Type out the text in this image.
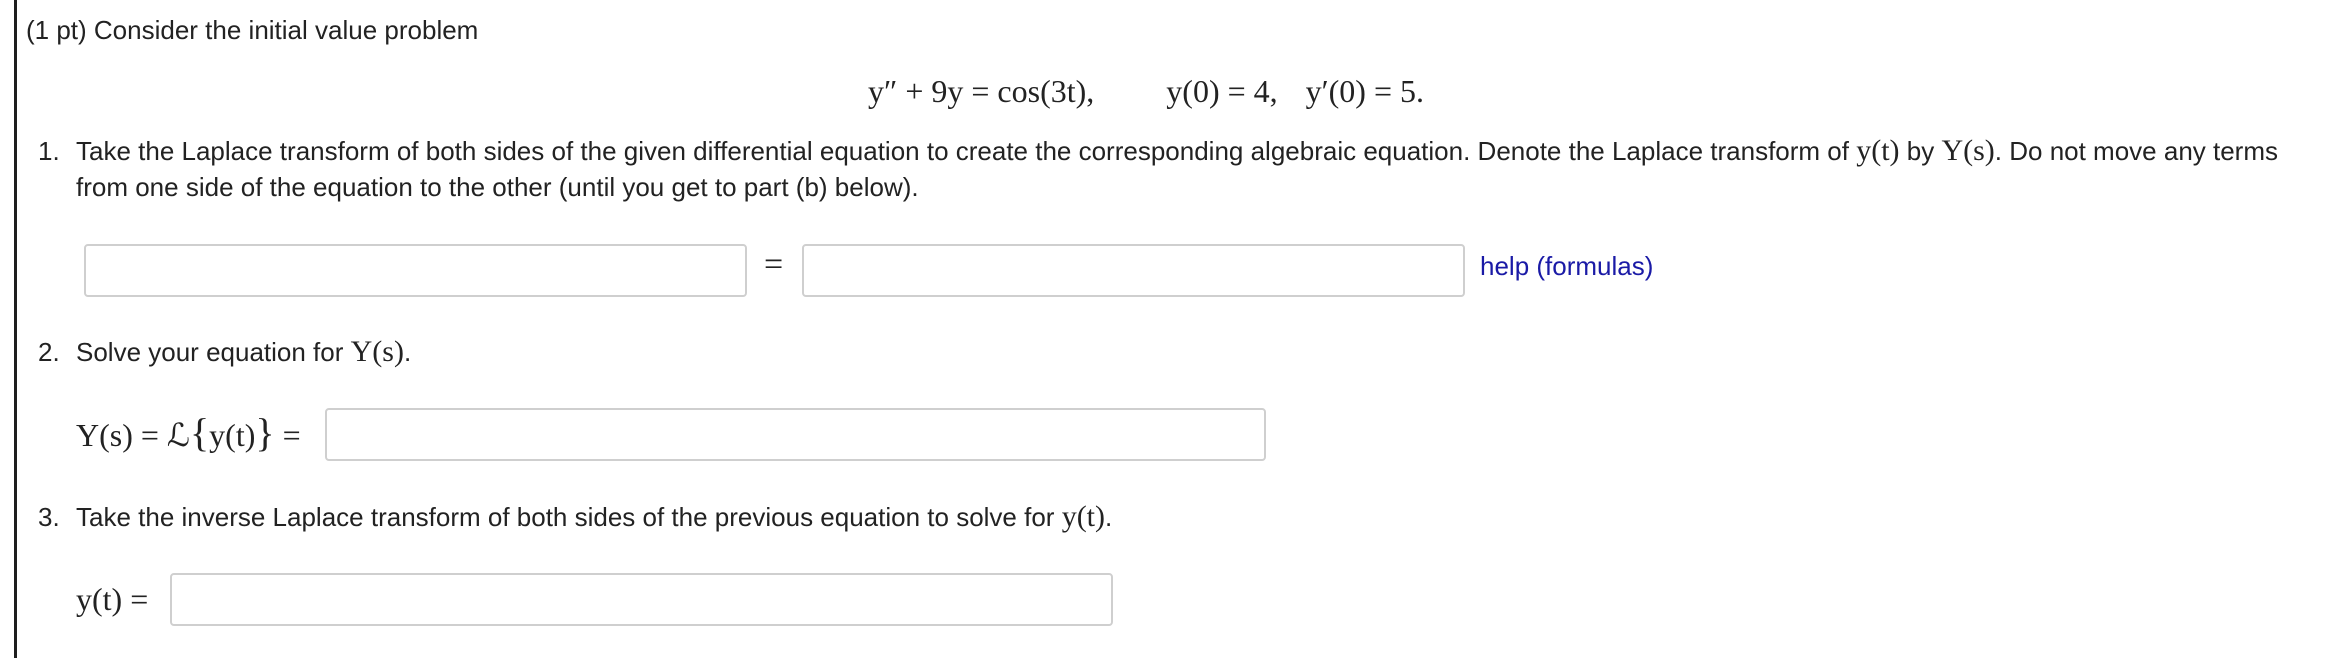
(1 pt) Consider the initial value problem
y″ + 9y = cos(3t), y(0) = 4, y′(0) = 5.
1. Take the Laplace transform of both sides of the given differential equation to create the corresponding algebraic equation. Denote the Laplace transform of y(t) by Y(s). Do not move any terms
from one side of the equation to the other (until you get to part (b) below).
=	help (formulas)
2. Solve your equation for Y(s).
Y(s) = ℒ{y(t)} =
3. Take the inverse Laplace transform of both sides of the previous equation to solve for y(t).
y(t) =
